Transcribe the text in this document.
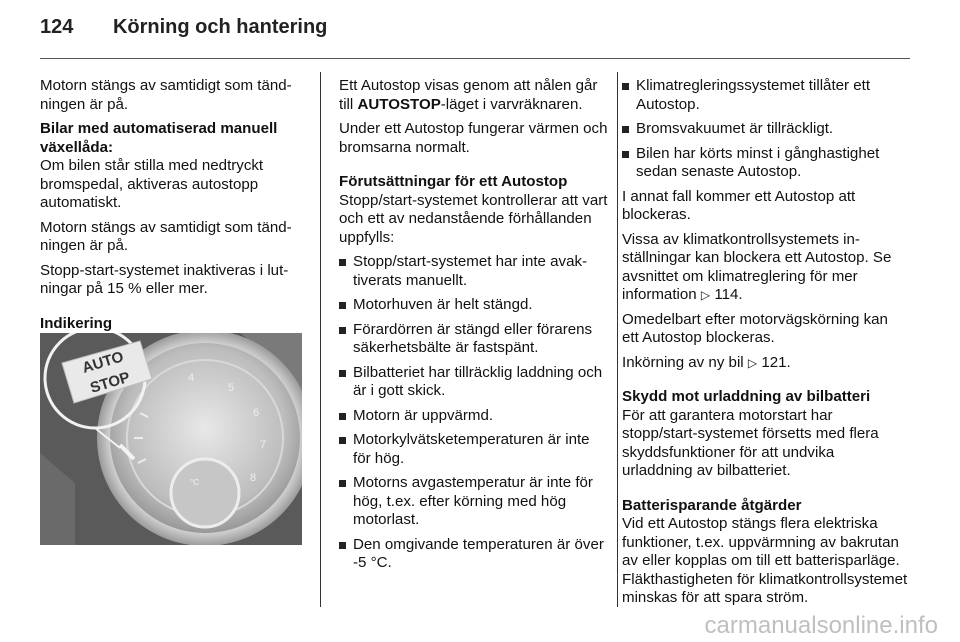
124 Körning och hantering

Motorn stängs av samtidigt som tändningen är på.

Bilar med automatiserad manuell växellåda:

Om bilen står stilla med nedtryckt bromspedal, aktiveras autostopp automatiskt.

Motorn stängs av samtidigt som tändningen är på.

Stopp-start-systemet inaktiveras i lutningar på 15 % eller mer.

Indikering

4
5
6
7
8
°C
AUTO
STOP

Ett Autostop visas genom att nålen går till AUTOSTOP-läget i varvräknaren.

Under ett Autostop fungerar värmen och bromsarna normalt.

Förutsättningar för ett Autostop

Stopp/start-systemet kontrollerar att vart och ett av nedanstående förhållanden uppfylls:

Stopp/start-systemet har inte avaktiverats manuellt.
Motorhuven är helt stängd.
Förardörren är stängd eller förarens säkerhetsbälte är fastspänt.
Bilbatteriet har tillräcklig laddning och är i gott skick.
Motorn är uppvärmd.
Motorkylvätsketemperaturen är inte för hög.
Motorns avgastemperatur är inte för hög, t.ex. efter körning med hög motorlast.
Den omgivande temperaturen är över -5 °C.
Klimatregleringssystemet tillåter ett Autostop.
Bromsvakuumet är tillräckligt.
Bilen har körts minst i gånghastighet sedan senaste Autostop.

I annat fall kommer ett Autostop att blockeras.

Vissa av klimatkontrollsystemets inställningar kan blockera ett Autostop. Se avsnittet om klimatreglering för mer information ▷ 114.

Omedelbart efter motorvägskörning kan ett Autostop blockeras.

Inkörning av ny bil ▷ 121.

Skydd mot urladdning av bilbatteri

För att garantera motorstart har stopp/start-systemet försetts med flera skyddsfunktioner för att undvika urladdning av bilbatteriet.

Batterisparande åtgärder

Vid ett Autostop stängs flera elektriska funktioner, t.ex. uppvärmning av bakrutan av eller kopplas om till ett batterisparläge. Fläkthastigheten för klimatkontrollsystemet minskas för att spara ström.

carmanualsonline.info
